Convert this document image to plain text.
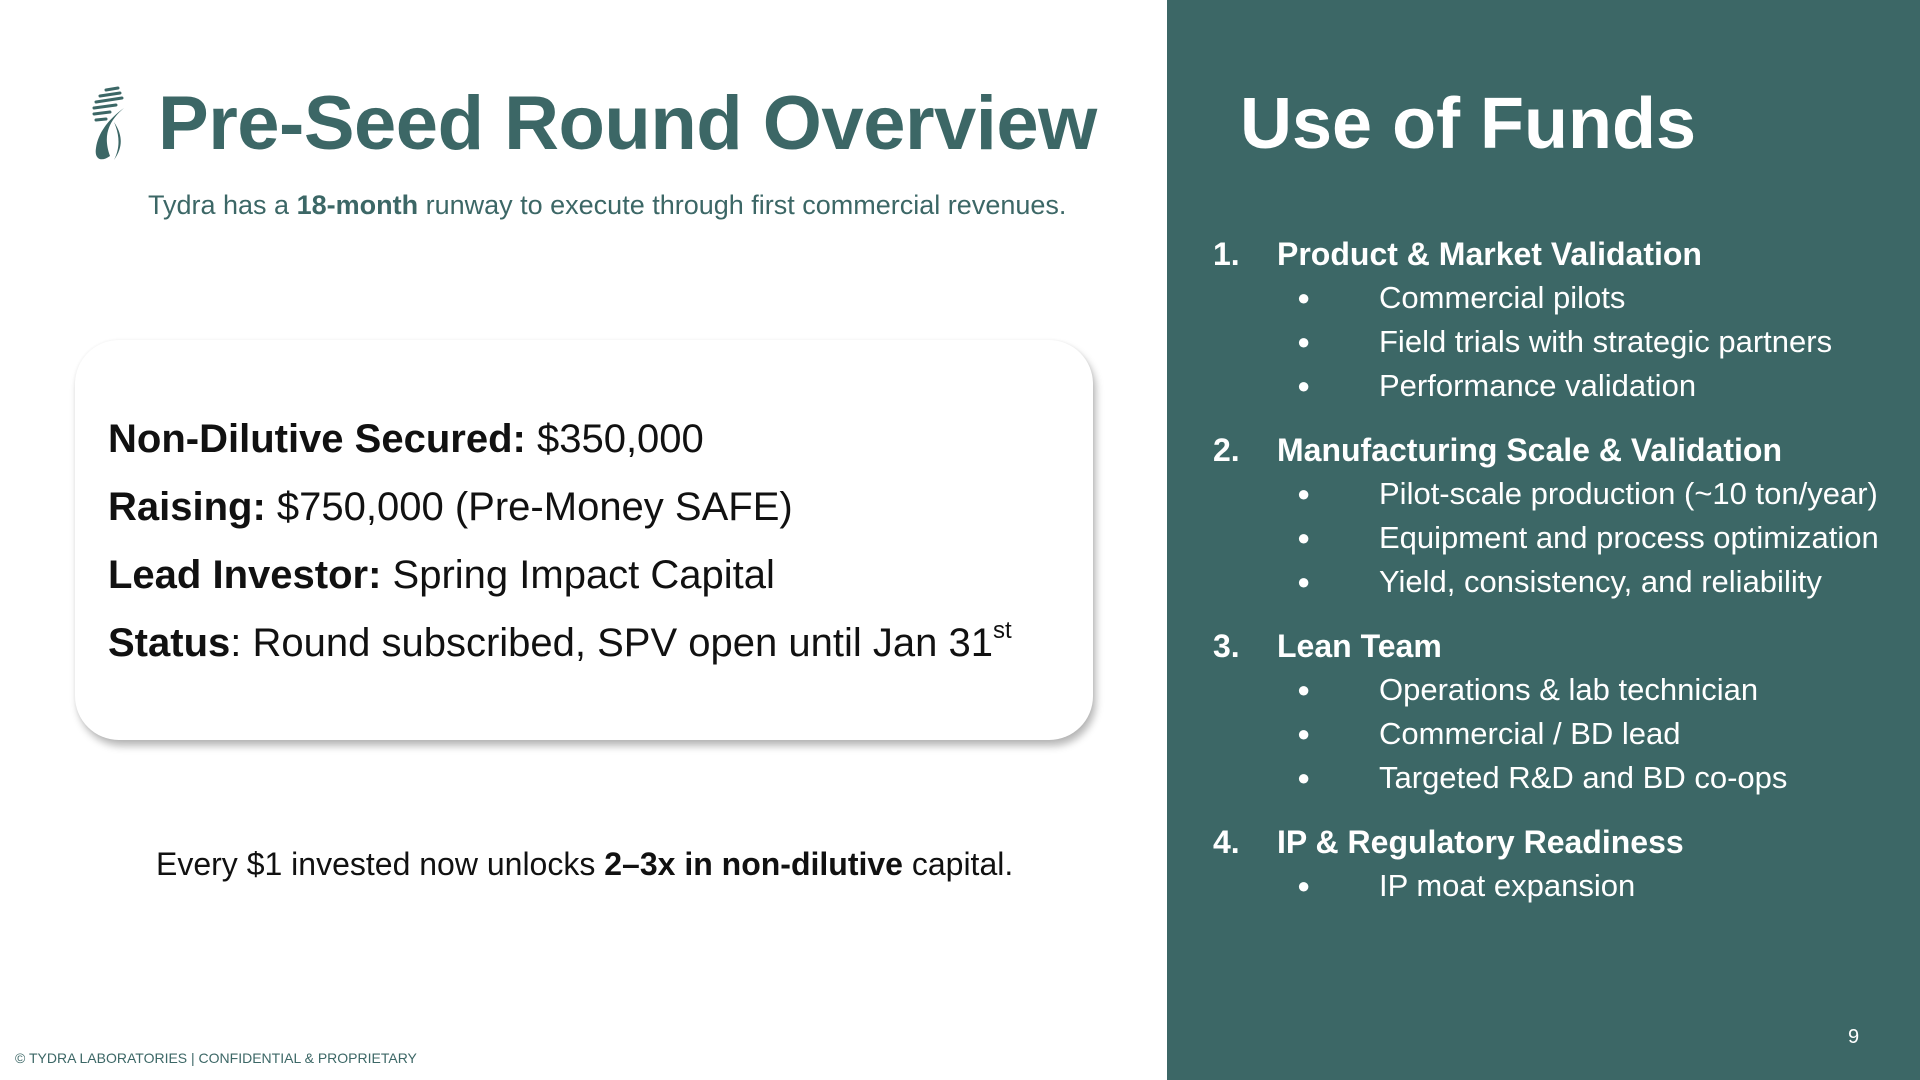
Pre-Seed Round Overview

Tydra has a 18-month runway to execute through first commercial revenues.

Non-Dilutive Secured: $350,000
Raising: $750,000 (Pre-Money SAFE)
Lead Investor: Spring Impact Capital
Status: Round subscribed, SPV open until Jan 31st

Every $1 invested now unlocks 2–3x in non-dilutive capital.

© TYDRA LABORATORIES | CONFIDENTIAL & PROPRIETARY
Use of Funds
1.	Product & Market Validation
●	Commercial pilots
●	Field trials with strategic partners
●	Performance validation
2.	Manufacturing Scale & Validation
●	Pilot-scale production (~10 ton/year)
●	Equipment and process optimization
●	Yield, consistency, and reliability
3.	Lean Team
●	Operations & lab technician
●	Commercial / BD lead
●	Targeted R&D and BD co-ops
4.	IP & Regulatory Readiness
●	IP moat expansion
9
